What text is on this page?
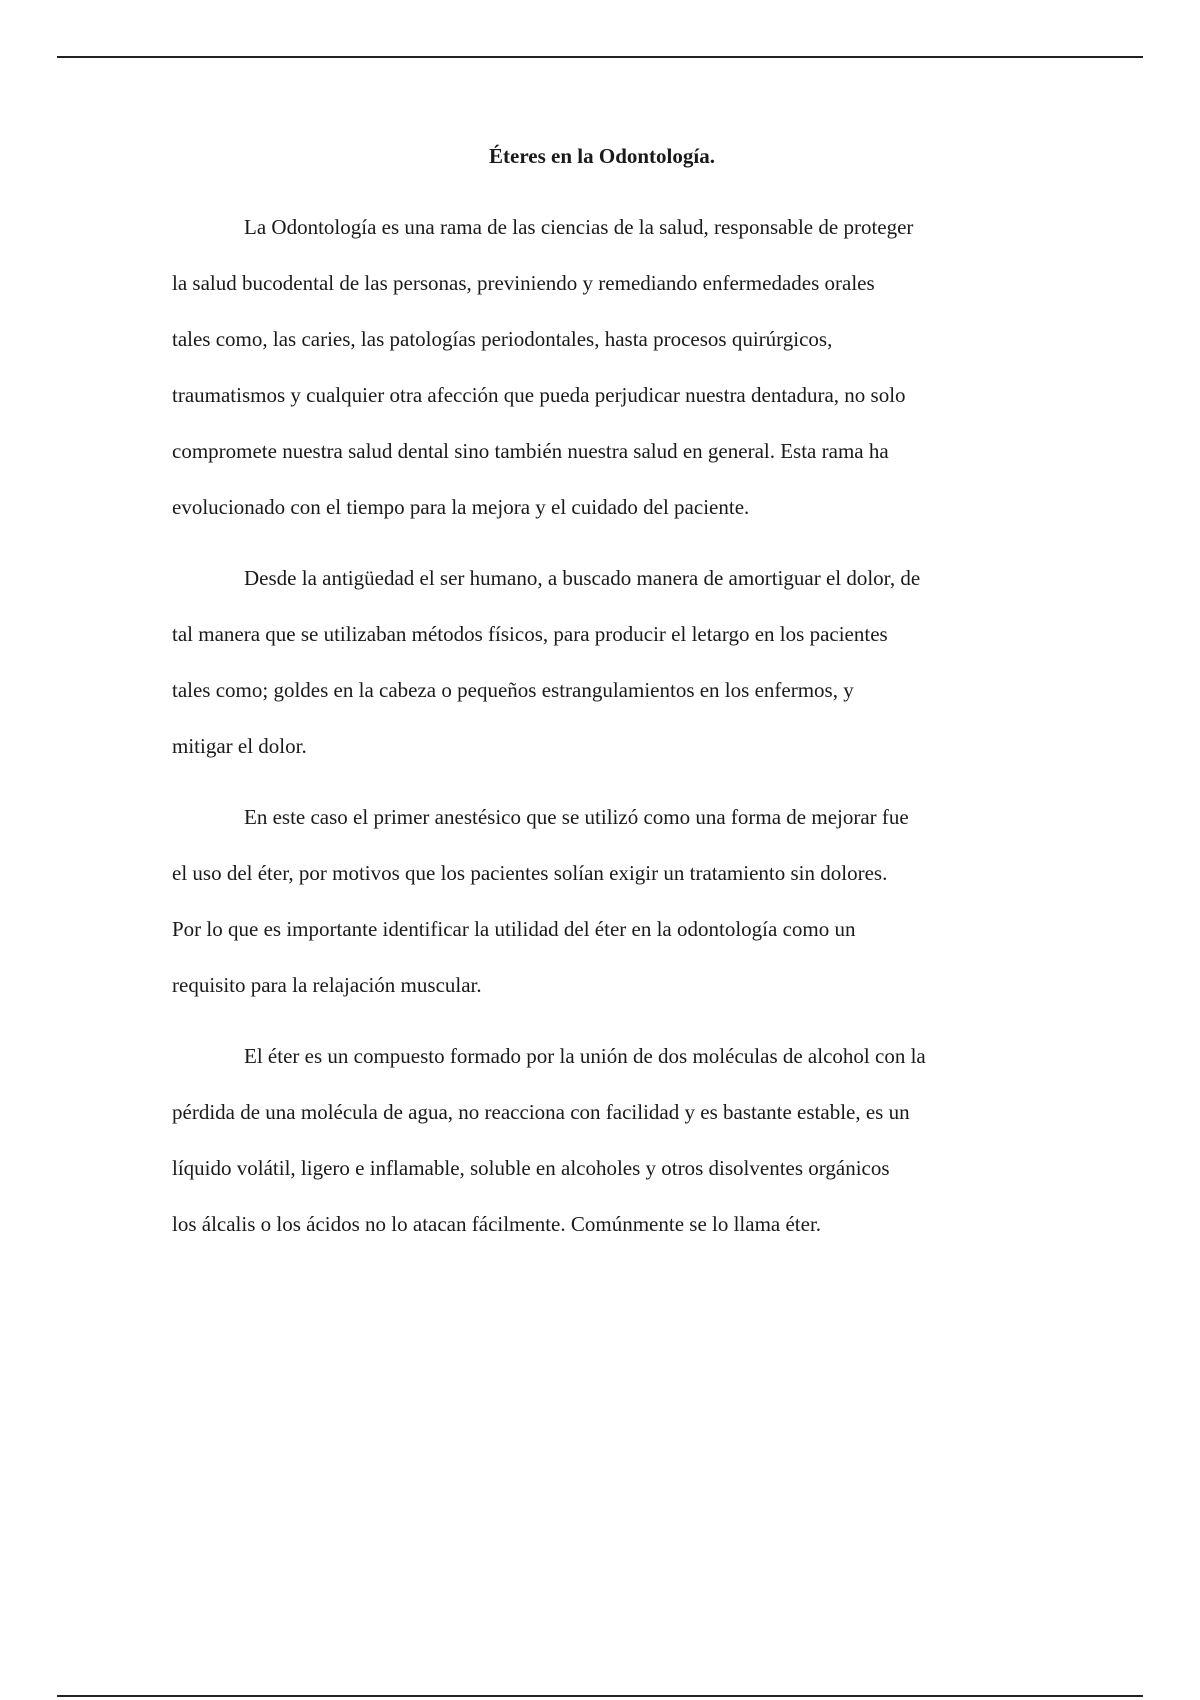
Éteres en la Odontología.
La Odontología es una rama de las ciencias de la salud, responsable de proteger
la salud bucodental de las personas, previniendo y remediando enfermedades orales
tales como, las caries, las patologías periodontales, hasta procesos quirúrgicos,
traumatismos y cualquier otra afección que pueda perjudicar nuestra dentadura, no solo
compromete nuestra salud dental sino también nuestra salud en general. Esta rama ha
evolucionado con el tiempo para la mejora y el cuidado del paciente.
Desde la antigüedad el ser humano, a buscado manera de amortiguar el dolor, de
tal manera que se utilizaban métodos físicos, para producir el letargo en los pacientes
tales como; goldes en la cabeza o pequeños estrangulamientos en los enfermos, y
mitigar el dolor.
En este caso el primer anestésico que se utilizó como una forma de mejorar fue
el uso del éter, por motivos que los pacientes solían exigir un tratamiento sin dolores.
Por lo que es importante identificar la utilidad del éter en la odontología como un
requisito para la relajación muscular.
El éter es un compuesto formado por la unión de dos moléculas de alcohol con la
pérdida de una molécula de agua, no reacciona con facilidad y es bastante estable, es un
líquido volátil, ligero e inflamable, soluble en alcoholes y otros disolventes orgánicos
los álcalis o los ácidos no lo atacan fácilmente. Comúnmente se lo llama éter.
